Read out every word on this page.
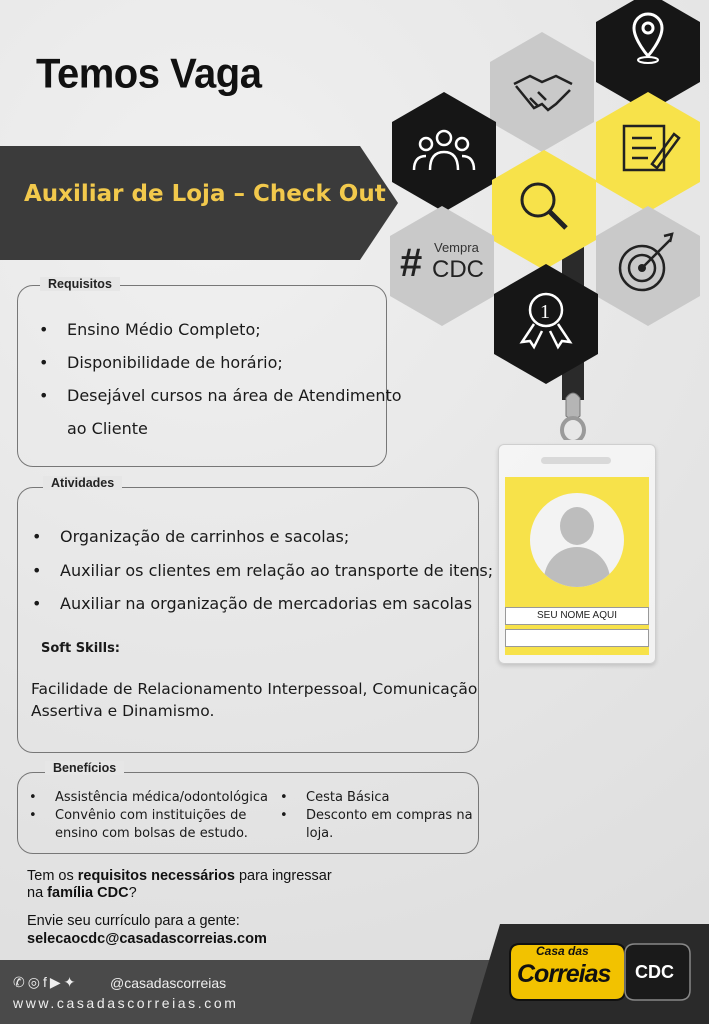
Temos Vaga
Auxiliar de Loja – Check Out
# Vempra
CDC
1
SEU NOME AQUI
Requisitos
• Ensino Médio Completo;
• Disponibilidade de horário;
• Desejável cursos na área de Atendimento
ao Cliente
Atividades
• Organização de carrinhos e sacolas;
• Auxiliar os clientes em relação ao transporte de itens;
• Auxiliar na organização de mercadorias em sacolas
Soft Skills:
Facilidade de Relacionamento Interpessoal, Comunicação
Assertiva e Dinamismo.
Benefícios
• Assistência médica/odontológica
• Convênio com instituições de
ensino com bolsas de estudo.
• Cesta Básica
• Desconto em compras na
loja.
Tem os requisitos necessários para ingressar
na família CDC?
Envie seu currículo para a gente:
selecaocdc@casadascorreias.com
Casa das
Correias CDC
✆◎f▶✦ @casadascorreias
www.casadascorreias.com
